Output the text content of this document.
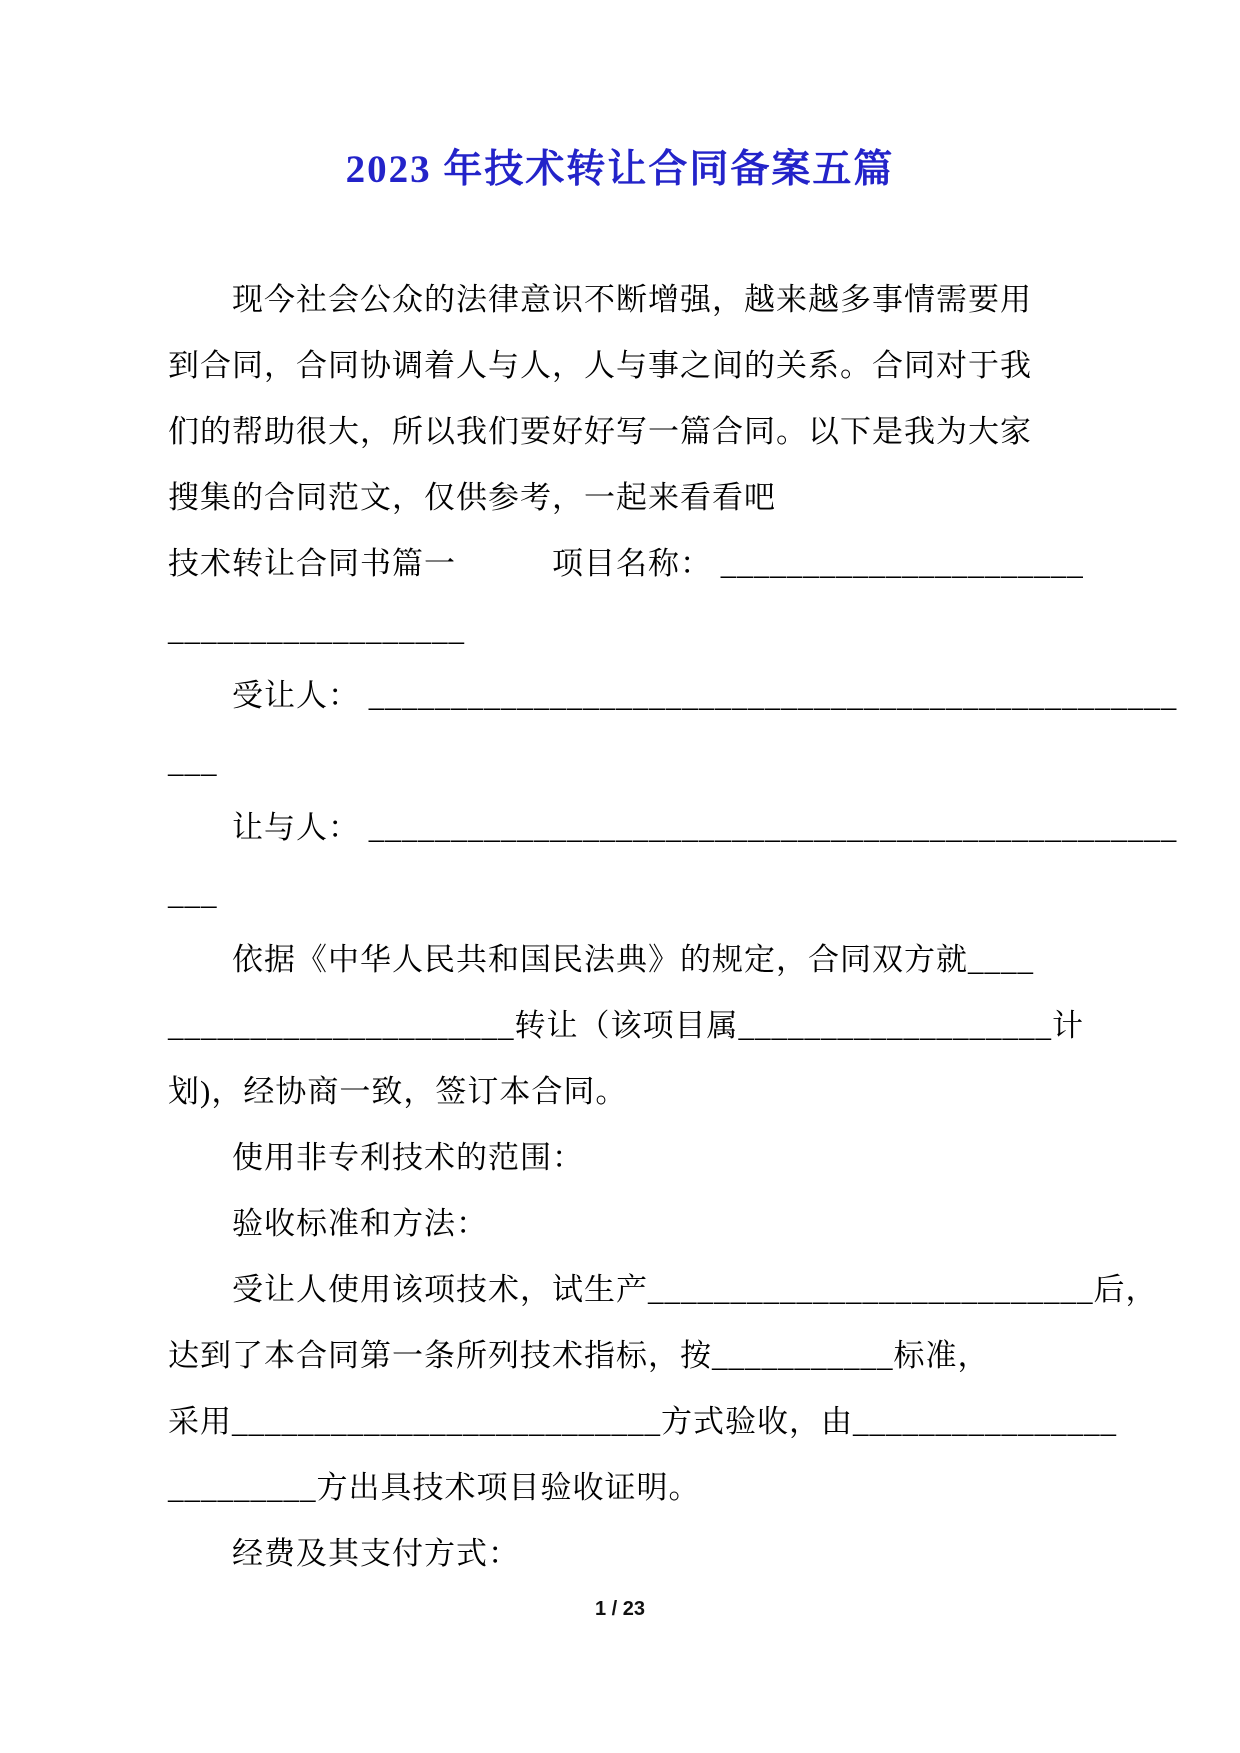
2023 年技术转让合同备案五篇
现今社会公众的法律意识不断增强，越来越多事情需要用
到合同，合同协调着人与人，人与事之间的关系。合同对于我
们的帮助很大，所以我们要好好写一篇合同。以下是我为大家
搜集的合同范文，仅供参考，一起来看看吧
技术转让合同书篇一　　　项目名称： ______________________
__________________
受让人： _________________________________________________
___
让与人： _________________________________________________
___
依据《中华人民共和国民法典》的规定，合同双方就____
_____________________转让（该项目属___________________计
划)，经协商一致，签订本合同。
使用非专利技术的范围：
验收标准和方法：
受让人使用该项技术，试生产___________________________后，
达到了本合同第一条所列技术指标，按___________标准，
采用__________________________方式验收，由________________
_________方出具技术项目验收证明。
经费及其支付方式：
1 / 23
